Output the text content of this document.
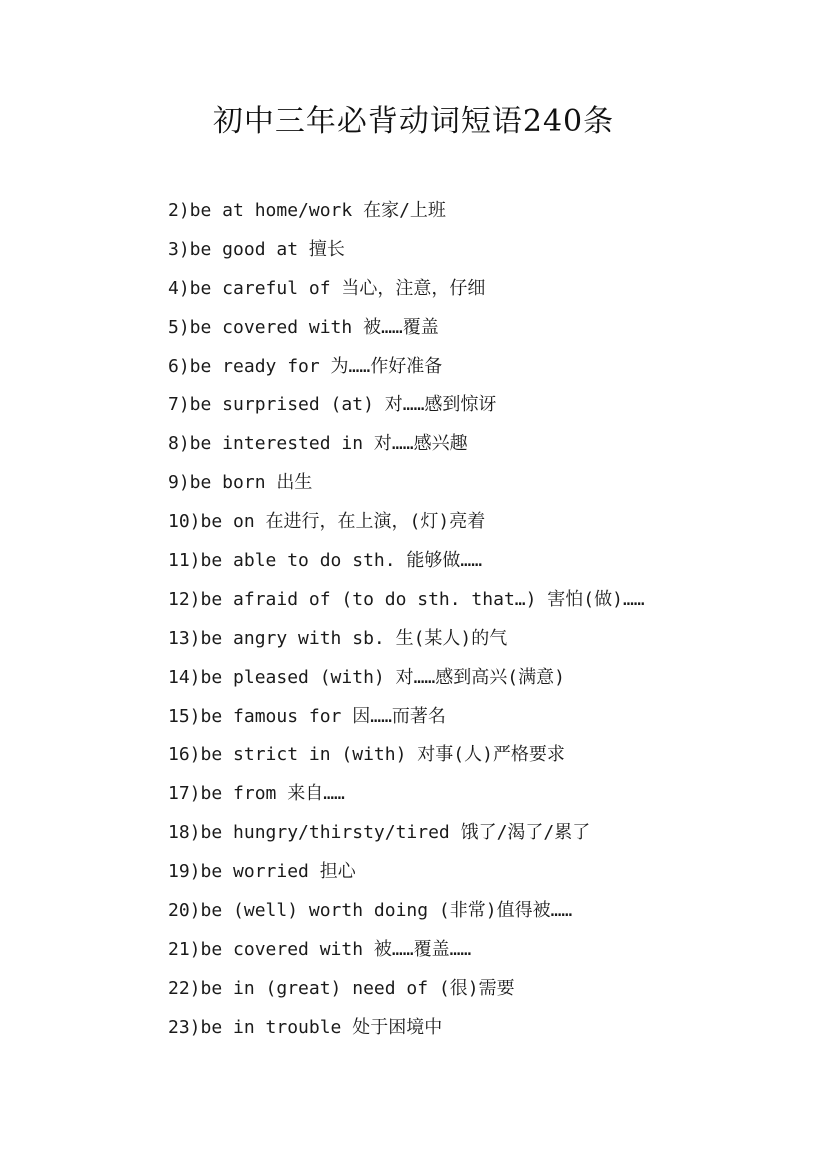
初中三年必背动词短语240条
2)be at home/work 在家/上班
3)be good at 擅长
4)be careful of 当心，注意，仔细
5)be covered with 被……覆盖
6)be ready for 为……作好准备
7)be surprised (at) 对……感到惊讶
8)be interested in 对……感兴趣
9)be born 出生
10)be on 在进行，在上演，(灯)亮着
11)be able to do sth. 能够做……
12)be afraid of (to do sth. that…) 害怕(做)……
13)be angry with sb. 生(某人)的气
14)be pleased (with) 对……感到高兴(满意)
15)be famous for 因……而著名
16)be strict in (with) 对事(人)严格要求
17)be from 来自……
18)be hungry/thirsty/tired 饿了/渴了/累了
19)be worried 担心
20)be (well) worth doing (非常)值得被……
21)be covered with 被……覆盖……
22)be in (great) need of (很)需要
23)be in trouble 处于困境中
